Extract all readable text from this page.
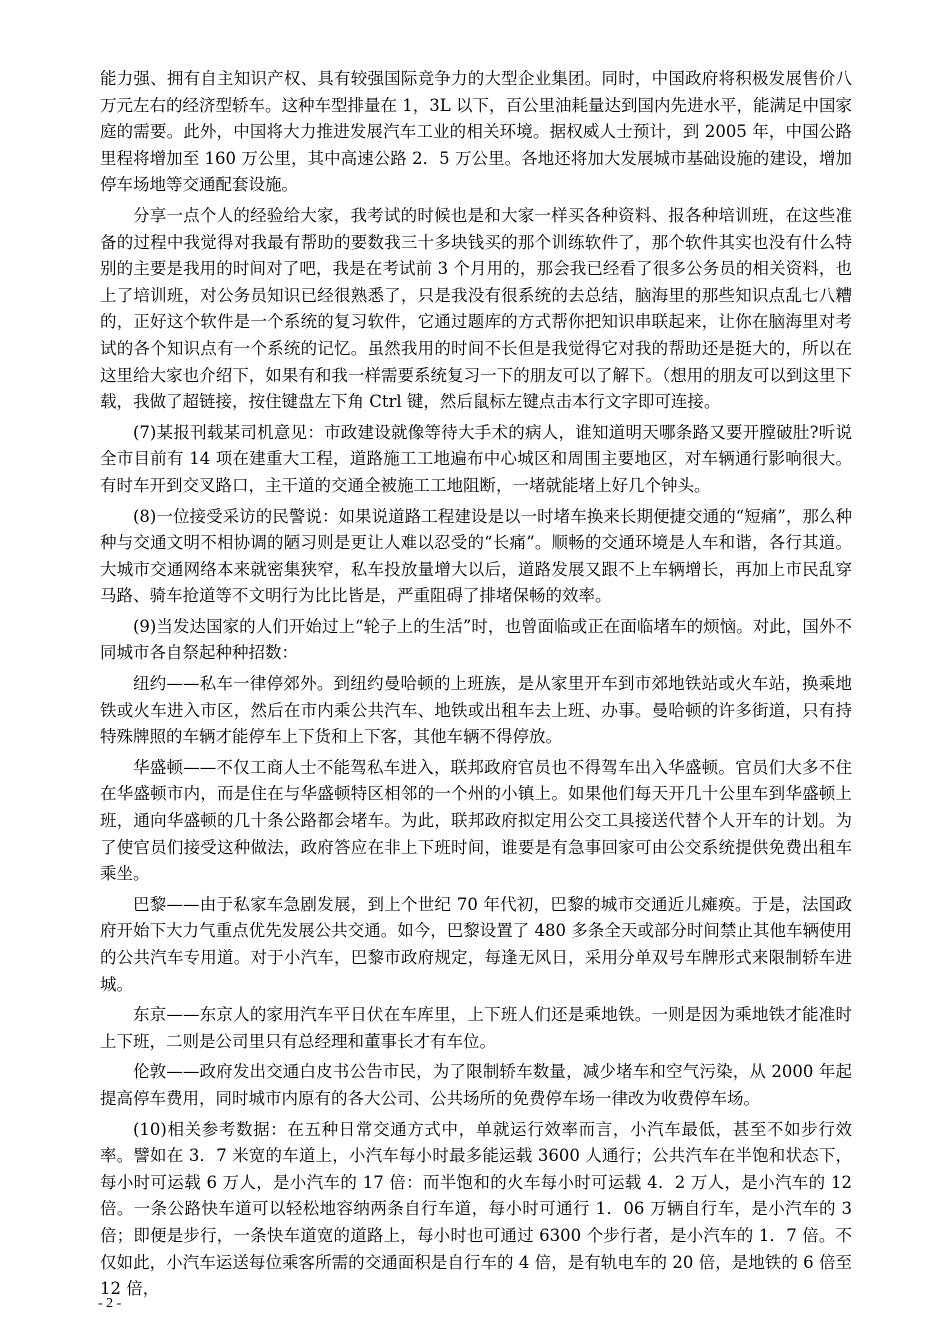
能力强、拥有自主知识产权、具有较强国际竞争力的大型企业集团。同时，中国政府将积极发展售价八万元左右的经济型轿车。这种车型排量在 1，3L 以下，百公里油耗量达到国内先进水平，能满足中国家庭的需要。此外，中国将大力推进发展汽车工业的相关环境。据权威人士预计，到 2005 年，中国公路里程将增加至 160 万公里，其中高速公路 2．5 万公里。各地还将加大发展城市基础设施的建设，增加停车场地等交通配套设施。

分享一点个人的经验给大家，我考试的时候也是和大家一样买各种资料、报各种培训班，在这些准备的过程中我觉得对我最有帮助的要数我三十多块钱买的那个训练软件了，那个软件其实也没有什么特别的主要是我用的时间对了吧，我是在考试前 3 个月用的，那会我已经看了很多公务员的相关资料，也上了培训班，对公务员知识已经很熟悉了，只是我没有很系统的去总结，脑海里的那些知识点乱七八糟的，正好这个软件是一个系统的复习软件，它通过题库的方式帮你把知识串联起来，让你在脑海里对考试的各个知识点有一个系统的记忆。虽然我用的时间不长但是我觉得它对我的帮助还是挺大的，所以在这里给大家也介绍下，如果有和我一样需要系统复习一下的朋友可以了解下。（想用的朋友可以到这里下载，我做了超链接，按住键盘左下角 Ctrl 键，然后鼠标左键点击本行文字即可连接。

(7)某报刊载某司机意见：市政建设就像等待大手术的病人，谁知道明天哪条路又要开膛破肚?听说全市目前有 14 项在建重大工程，道路施工工地遍布中心城区和周围主要地区，对车辆通行影响很大。有时车开到交叉路口，主干道的交通全被施工工地阻断，一堵就能堵上好几个钟头。

(8)一位接受采访的民警说：如果说道路工程建设是以一时堵车换来长期便捷交通的“短痛”，那么种种与交通文明不相协调的陋习则是更让人难以忍受的“长痛”。顺畅的交通环境是人车和谐，各行其道。大城市交通网络本来就密集狭窄，私车投放量增大以后，道路发展又跟不上车辆增长，再加上市民乱穿马路、骑车抢道等不文明行为比比皆是，严重阻碍了排堵保畅的效率。

(9)当发达国家的人们开始过上“轮子上的生活”时，也曾面临或正在面临堵车的烦恼。对此，国外不同城市各自祭起种种招数：

纽约——私车一律停郊外。到纽约曼哈顿的上班族，是从家里开车到市郊地铁站或火车站，换乘地铁或火车进入市区，然后在市内乘公共汽车、地铁或出租车去上班、办事。曼哈顿的许多街道，只有持特殊牌照的车辆才能停车上下货和上下客，其他车辆不得停放。

华盛顿——不仅工商人士不能驾私车进入，联邦政府官员也不得驾车出入华盛顿。官员们大多不住在华盛顿市内，而是住在与华盛顿特区相邻的一个州的小镇上。如果他们每天开几十公里车到华盛顿上班，通向华盛顿的几十条公路都会堵车。为此，联邦政府拟定用公交工具接送代替个人开车的计划。为了使官员们接受这种做法，政府答应在非上下班时间，谁要是有急事回家可由公交系统提供免费出租车乘坐。

巴黎——由于私家车急剧发展，到上个世纪 70 年代初，巴黎的城市交通近儿瘫痪。于是，法国政府开始下大力气重点优先发展公共交通。如今，巴黎设置了 480 多条全天或部分时间禁止其他车辆使用的公共汽车专用道。对于小汽车，巴黎市政府规定，每逢无风日，采用分单双号车牌形式来限制轿车进城。

东京——东京人的家用汽车平日伏在车库里，上下班人们还是乘地铁。一则是因为乘地铁才能准时上下班，二则是公司里只有总经理和董事长才有车位。

伦敦——政府发出交通白皮书公告市民，为了限制轿车数量，减少堵车和空气污染，从 2000 年起提高停车费用，同时城市内原有的各大公司、公共场所的免费停车场一律改为收费停车场。

(10)相关参考数据：在五种日常交通方式中，单就运行效率而言，小汽车最低，甚至不如步行效率。譬如在 3．7 米宽的车道上，小汽车每小时最多能运载 3600 人通行；公共汽车在半饱和状态下，每小时可运载 6 万人，是小汽车的 17 倍：而半饱和的火车每小时可运载 4．2 万人，是小汽车的 12 倍。一条公路快车道可以轻松地容纳两条自行车道，每小时可通行 1．06 万辆自行车，是小汽车的 3 倍；即便是步行，一条快车道宽的道路上，每小时也可通过 6300 个步行者，是小汽车的 1．7 倍。不仅如此，小汽车运送每位乘客所需的交通面积是自行车的 4 倍，是有轨电车的 20 倍，是地铁的 6 倍至 12 倍，

- 2 -
